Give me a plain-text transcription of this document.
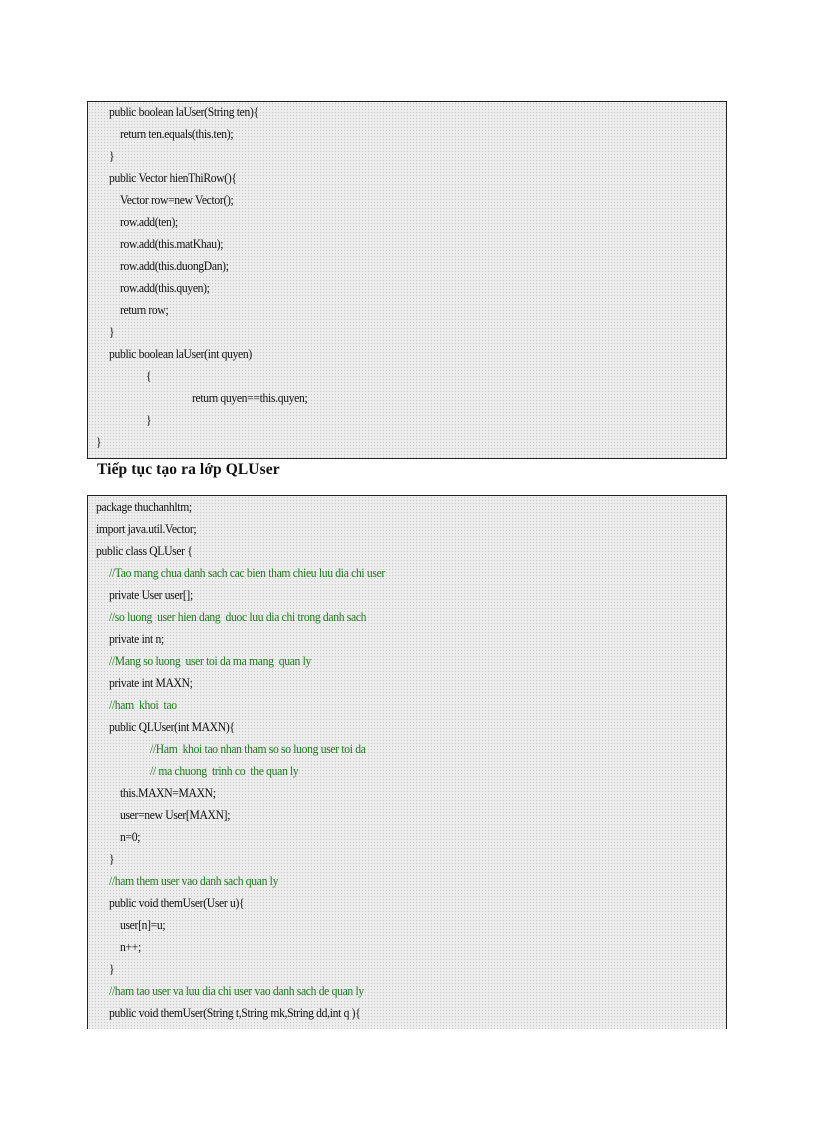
public boolean laUser(String ten){
return ten.equals(this.ten);
}
public Vector hienThiRow(){
Vector row=new Vector();
row.add(ten);
row.add(this.matKhau);
row.add(this.duongDan);
row.add(this.quyen);
return row;
}
public boolean laUser(int quyen)
{
return quyen==this.quyen;
}
}
Tiếp tục tạo ra lớp QLUser
package thuchanhltm;
import java.util.Vector;
public class QLUser {
//Tao mang chua danh sach cac bien tham chieu luu dia chi user
private User user[];
//so luong  user hien dang  duoc luu dia chi trong danh sach
private int n;
//Mang so luong  user toi da ma mang  quan ly
private int MAXN;
//ham  khoi  tao
public QLUser(int MAXN){
//Ham  khoi tao nhan tham so so luong user toi da
// ma chuong  trinh co  the quan ly
this.MAXN=MAXN;
user=new User[MAXN];
n=0;
}
//ham them user vao danh sach quan ly
public void themUser(User u){
user[n]=u;
n++;
}
//ham tao user va luu dia chi user vao danh sach de quan ly
public void themUser(String t,String mk,String dd,int q ){
